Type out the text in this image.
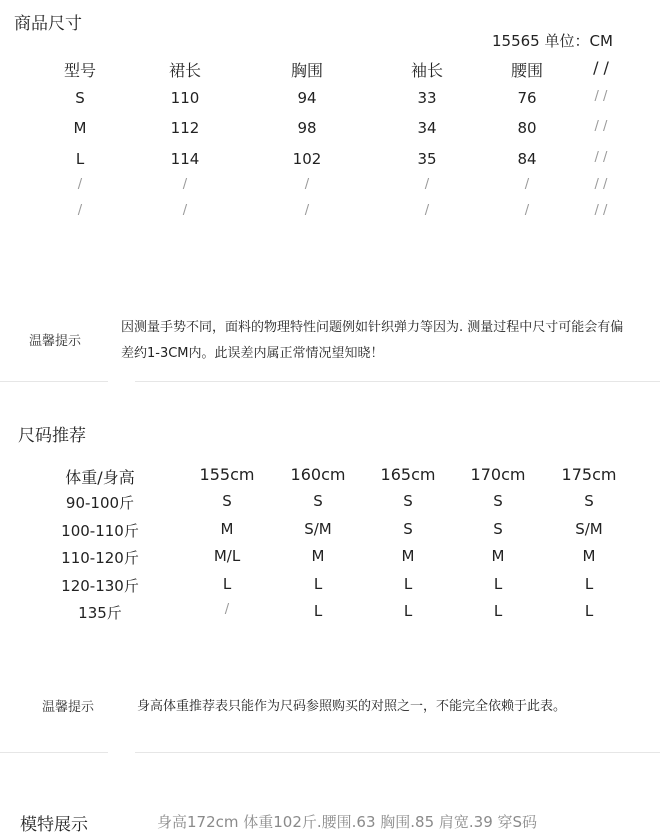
商品尺寸
15565 单位：CM
型号	裙长	胸围	袖长	腰围	/ /
S	110	94	33	76	/ /
M	112	98	34	80	/ /
L	114	102	35	84	/ /
/	/	/	/	/	/ /
/	/	/	/	/	/ /
温馨提示
因测量手势不同，面料的物理特性问题例如针织弹力等因为. 测量过程中尺寸可能会有偏差约1-3CM内。此误差内属正常情况望知晓！
尺码推荐
体重/身高	155cm 160cm 165cm 170cm 175cm
90-100斤	S	S	S	S	S
100-110斤	M	S/M	S	S	S/M
110-120斤	M/L	M	M	M	M
120-130斤	L	L	L	L	L
135斤	/	L	L	L	L
温馨提示	身高体重推荐表只能作为尺码参照购买的对照之一，不能完全依赖于此表。
模特展示	身高172cm 体重102斤.腰围.63 胸围.85 肩宽.39 穿S码
